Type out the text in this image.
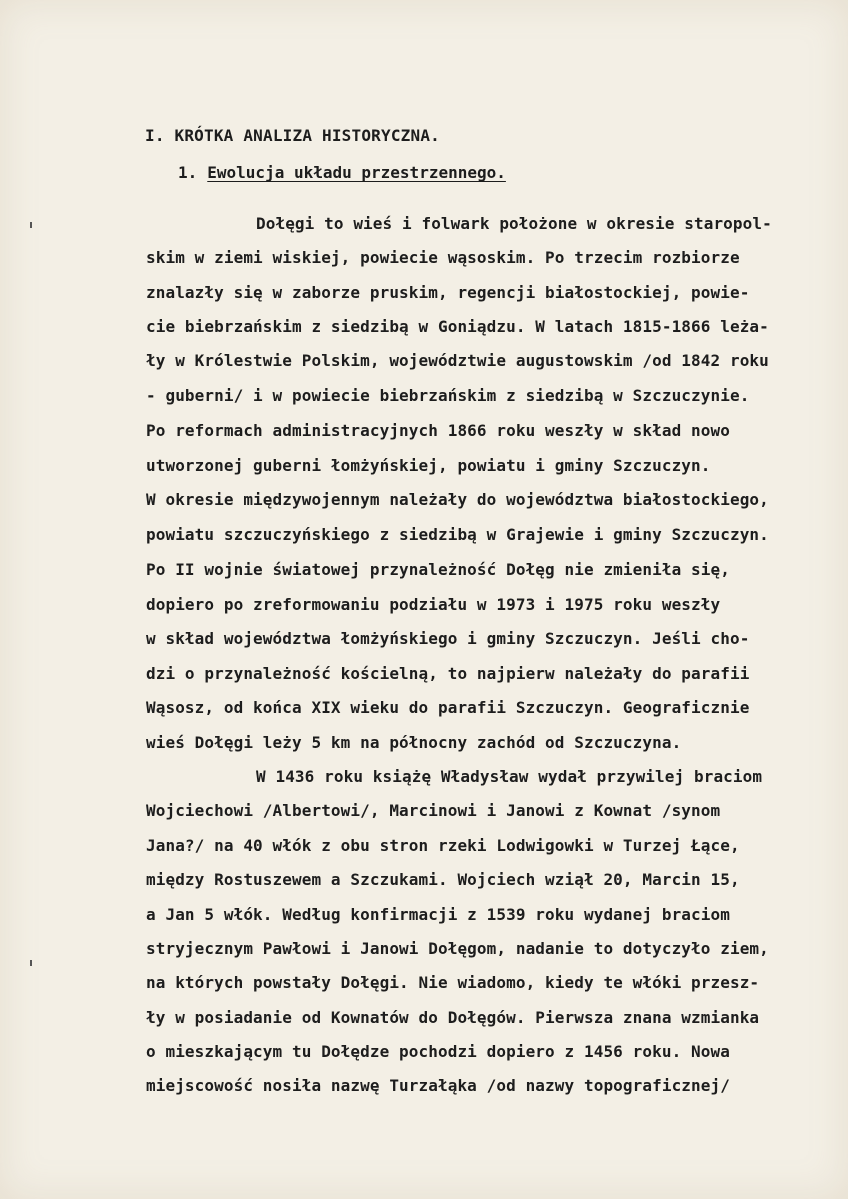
I. KRÓTKA ANALIZA HISTORYCZNA.
1. Ewolucja układu przestrzennego.
Dołęgi to wieś i folwark położone w okresie staropol-
skim w ziemi wiskiej, powiecie wąsoskim. Po trzecim rozbiorze
znalazły się w zaborze pruskim, regencji białostockiej, powie-
cie biebrzańskim z siedzibą w Goniądzu. W latach 1815-1866 leża-
ły w Królestwie Polskim, województwie augustowskim /od 1842 roku
- guberni/ i w powiecie biebrzańskim z siedzibą w Szczuczynie.
Po reformach administracyjnych 1866 roku weszły w skład nowo
utworzonej guberni łomżyńskiej, powiatu i gminy Szczuczyn.
W okresie międzywojennym należały do województwa białostockiego,
powiatu szczuczyńskiego z siedzibą w Grajewie i gminy Szczuczyn.
Po II wojnie światowej przynależność Dołęg nie zmieniła się,
dopiero po zreformowaniu podziału w 1973 i 1975 roku weszły
w skład województwa łomżyńskiego i gminy Szczuczyn. Jeśli cho-
dzi o przynależność kościelną, to najpierw należały do parafii
Wąsosz, od końca XIX wieku do parafii Szczuczyn. Geograficznie
wieś Dołęgi leży 5 km na północny zachód od Szczuczyna.
W 1436 roku książę Władysław wydał przywilej braciom
Wojciechowi /Albertowi/, Marcinowi i Janowi z Kownat /synom
Jana?/ na 40 włók z obu stron rzeki Lodwigowki w Turzej Łące,
między Rostuszewem a Szczukami. Wojciech wziął 20, Marcin 15,
a Jan 5 włók. Według konfirmacji z 1539 roku wydanej braciom
stryjecznym Pawłowi i Janowi Dołęgom, nadanie to dotyczyło ziem,
na których powstały Dołęgi. Nie wiadomo, kiedy te włóki przesz-
ły w posiadanie od Kownatów do Dołęgów. Pierwsza znana wzmianka
o mieszkającym tu Dołędze pochodzi dopiero z 1456 roku. Nowa
miejscowość nosiła nazwę Turzałąka /od nazwy topograficznej/
